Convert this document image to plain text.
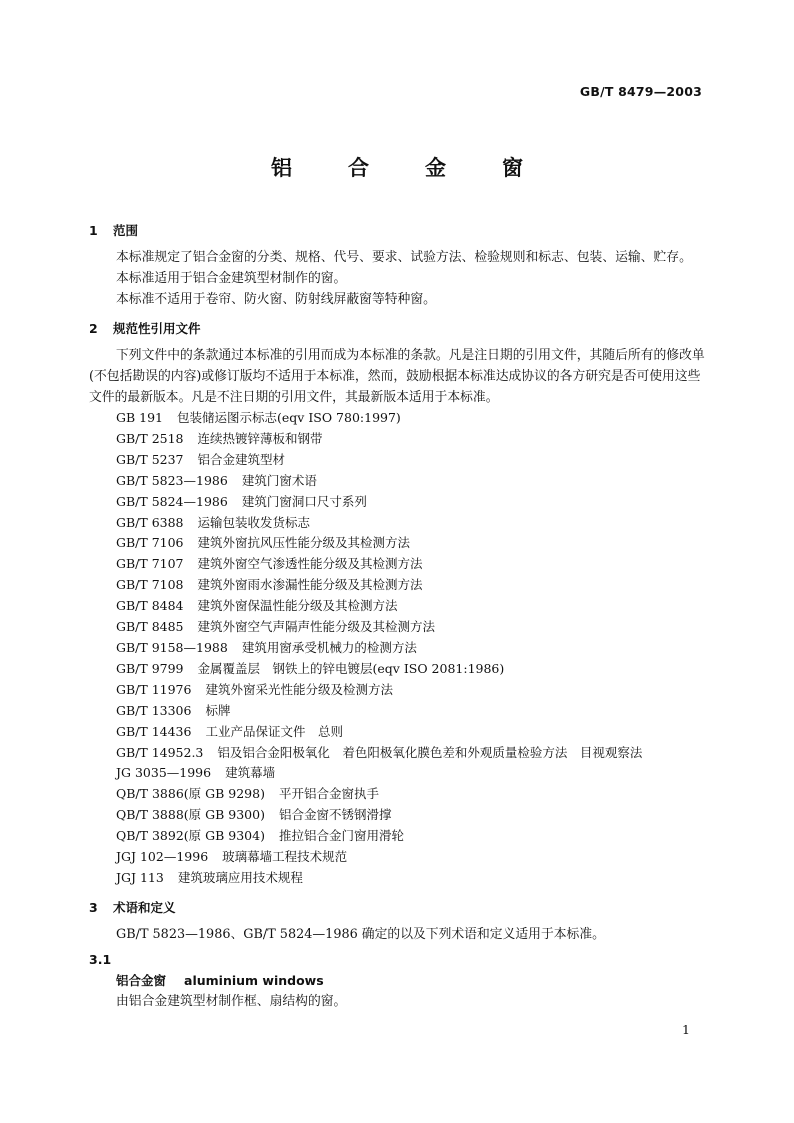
GB/T 8479—2003
铝	合	金	窗
1 范围
本标准规定了铝合金窗的分类、规格、代号、要求、试验方法、检验规则和标志、包装、运输、贮存。
本标准适用于铝合金建筑型材制作的窗。
本标准不适用于卷帘、防火窗、防射线屏蔽窗等特种窗。
2 规范性引用文件
下列文件中的条款通过本标准的引用而成为本标准的条款。凡是注日期的引用文件，其随后所有的修改单(不包括勘误的内容)或修订版均不适用于本标准，然而，鼓励根据本标准达成协议的各方研究是否可使用这些文件的最新版本。凡是不注日期的引用文件，其最新版本适用于本标准。
GB 191 包装储运图示标志(eqv ISO 780:1997)
GB/T 2518 连续热镀锌薄板和钢带
GB/T 5237 铝合金建筑型材
GB/T 5823—1986 建筑门窗术语
GB/T 5824—1986 建筑门窗洞口尺寸系列
GB/T 6388 运输包装收发货标志
GB/T 7106 建筑外窗抗风压性能分级及其检测方法
GB/T 7107 建筑外窗空气渗透性能分级及其检测方法
GB/T 7108 建筑外窗雨水渗漏性能分级及其检测方法
GB/T 8484 建筑外窗保温性能分级及其检测方法
GB/T 8485 建筑外窗空气声隔声性能分级及其检测方法
GB/T 9158—1988 建筑用窗承受机械力的检测方法
GB/T 9799 金属覆盖层　钢铁上的锌电镀层(eqv ISO 2081:1986)
GB/T 11976 建筑外窗采光性能分级及检测方法
GB/T 13306 标牌
GB/T 14436 工业产品保证文件　总则
GB/T 14952.3 铝及铝合金阳极氧化　着色阳极氧化膜色差和外观质量检验方法　目视观察法
JG 3035—1996 建筑幕墙
QB/T 3886(原 GB 9298) 平开铝合金窗执手
QB/T 3888(原 GB 9300) 铝合金窗不锈钢滑撑
QB/T 3892(原 GB 9304) 推拉铝合金门窗用滑轮
JGJ 102—1996 玻璃幕墙工程技术规范
JGJ 113 建筑玻璃应用技术规程
3 术语和定义
GB/T 5823—1986、GB/T 5824—1986 确定的以及下列术语和定义适用于本标准。
3.1
铝合金窗 aluminium windows
由铝合金建筑型材制作框、扇结构的窗。
1
